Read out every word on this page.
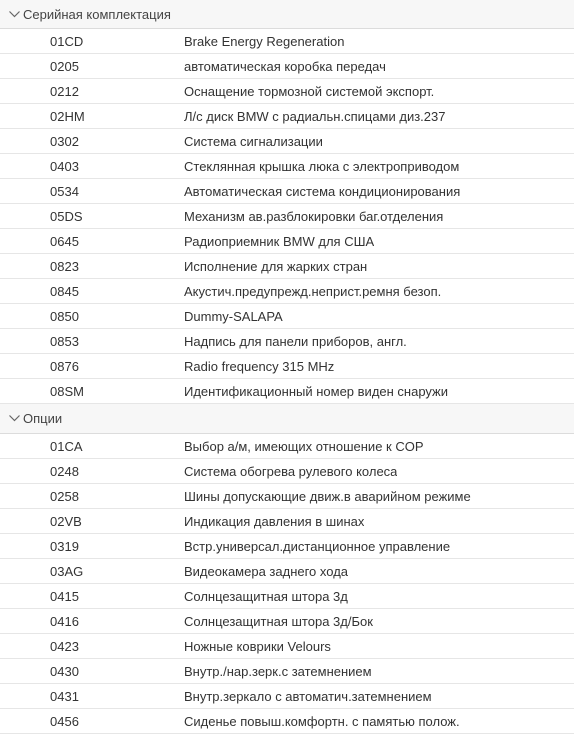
Серийная комплектация
01CD	Brake Energy Regeneration
0205	автоматическая коробка передач
0212	Оснащение тормозной системой экспорт.
02HM	Л/с диск BMW с радиальн.спицами диз.237
0302	Система сигнализации
0403	Стеклянная крышка люка с электроприводом
0534	Автоматическая система кондиционирования
05DS	Механизм ав.разблокировки баг.отделения
0645	Радиоприемник BMW для США
0823	Исполнение для жарких стран
0845	Акустич.предупрежд.неприст.ремня безоп.
0850	Dummy-SALAPA
0853	Надпись для панели приборов, англ.
0876	Radio frequency 315 MHz
08SM	Идентификационный номер виден снаружи
Опции
01CA	Выбор а/м, имеющих отношение к COP
0248	Система обогрева рулевого колеса
0258	Шины допускающие движ.в аварийном режиме
02VB	Индикация давления в шинах
0319	Встр.универсал.дистанционное управление
03AG	Видеокамера заднего хода
0415	Солнцезащитная штора 3д
0416	Солнцезащитная штора 3д/Бок
0423	Ножные коврики Velours
0430	Внутр./нар.зерк.с затемнением
0431	Внутр.зеркало с автоматич.затемнением
0456	Сиденье повыш.комфортн. с памятью полож.
